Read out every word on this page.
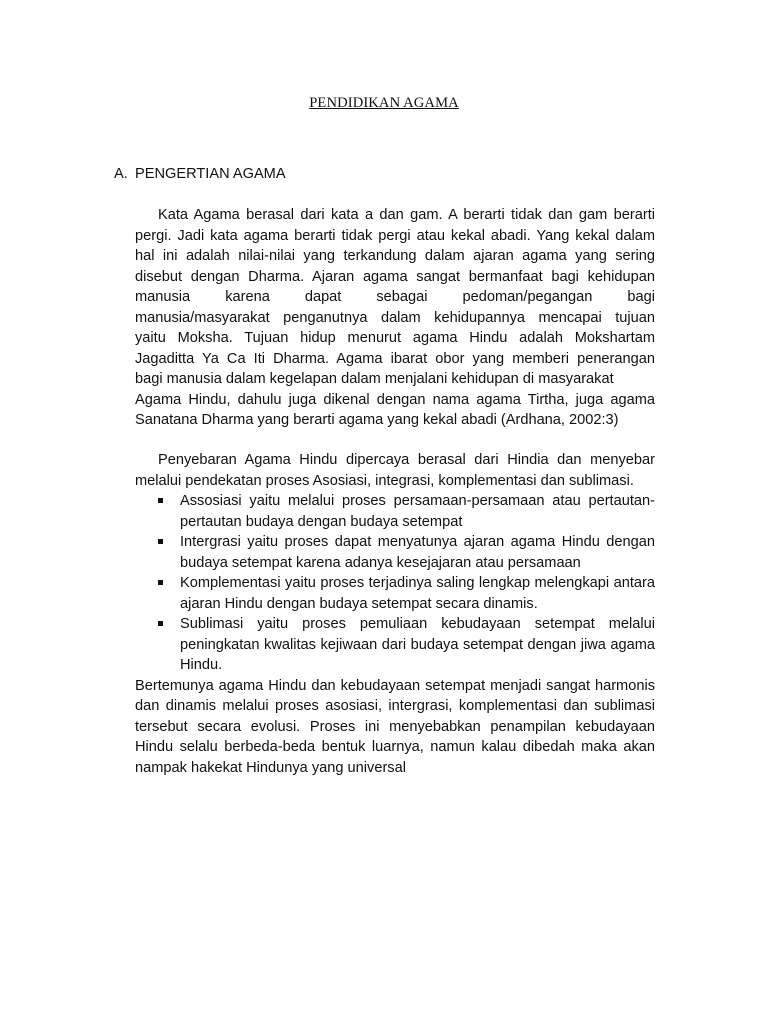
PENDIDIKAN AGAMA
A. PENGERTIAN AGAMA
Kata Agama berasal dari kata a dan gam. A berarti tidak dan gam berarti
pergi. Jadi kata agama berarti tidak pergi atau kekal abadi. Yang kekal dalam
hal ini adalah nilai-nilai yang terkandung dalam ajaran agama yang sering
disebut dengan Dharma. Ajaran agama sangat bermanfaat bagi kehidupan
manusia karena dapat sebagai pedoman/pegangan bagi
manusia/masyarakat penganutnya dalam kehidupannya mencapai tujuan
yaitu Moksha. Tujuan hidup menurut agama Hindu adalah Mokshartam
Jagaditta Ya Ca Iti Dharma. Agama ibarat obor yang memberi penerangan
bagi manusia dalam kegelapan dalam menjalani kehidupan di masyarakat
Agama Hindu, dahulu juga dikenal dengan nama agama Tirtha, juga agama
Sanatana Dharma yang berarti agama yang kekal abadi (Ardhana, 2002:3)
Penyebaran Agama Hindu dipercaya berasal dari Hindia dan menyebar
melalui pendekatan proses Asosiasi, integrasi, komplementasi dan sublimasi.
Assosiasi yaitu melalui proses persamaan-persamaan atau pertautan-pertautan budaya dengan budaya setempat
Intergrasi yaitu proses dapat menyatunya ajaran agama Hindu dengan budaya setempat karena adanya kesejajaran atau persamaan
Komplementasi yaitu proses terjadinya saling lengkap melengkapi antara ajaran Hindu dengan budaya setempat secara dinamis.
Sublimasi yaitu proses pemuliaan kebudayaan setempat melalui peningkatan kwalitas kejiwaan dari budaya setempat dengan jiwa agama Hindu.

Bertemunya agama Hindu dan kebudayaan setempat menjadi sangat harmonis dan dinamis melalui proses asosiasi, intergrasi, komplementasi dan sublimasi tersebut secara evolusi. Proses ini menyebabkan penampilan kebudayaan Hindu selalu berbeda-beda bentuk luarnya, namun kalau dibedah maka akan nampak hakekat Hindunya yang universal
